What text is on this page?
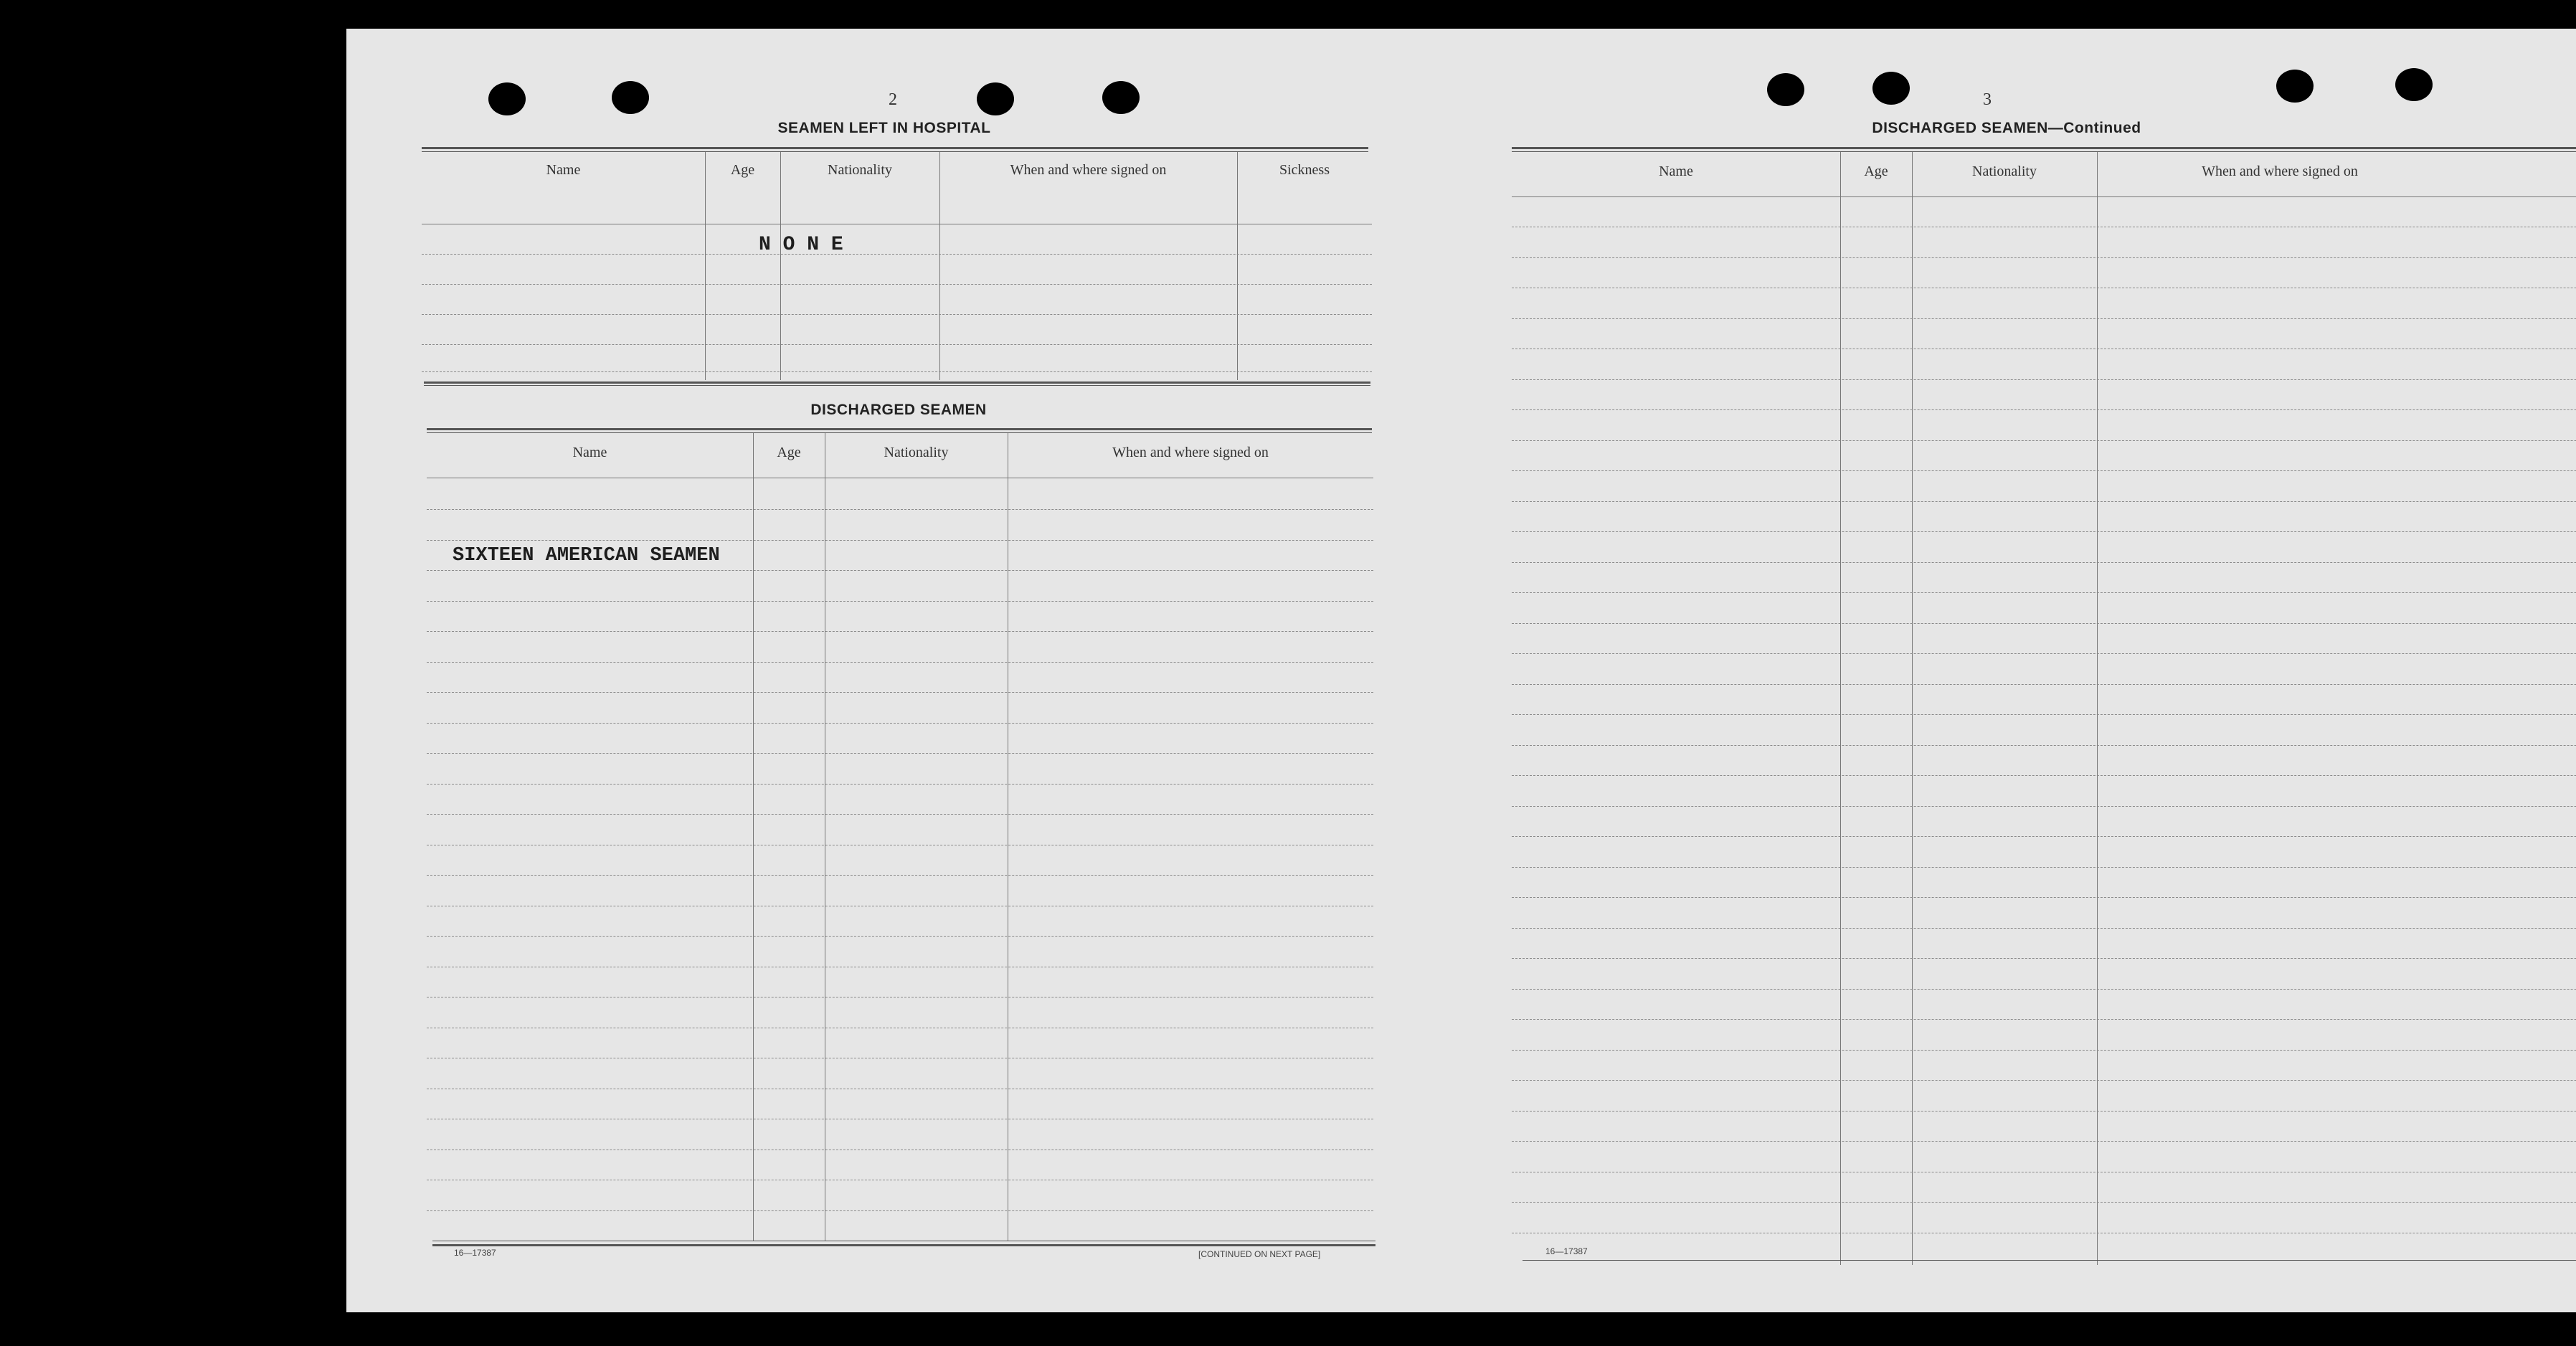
2
SEAMEN LEFT IN HOSPITAL
Name	Age	Nationality	When and where signed on	Sickness
N O N E
DISCHARGED SEAMEN
Name	Age	Nationality	When and where signed on
SIXTEEN AMERICAN SEAMEN
16—17387	[CONTINUED ON NEXT PAGE]
3
DISCHARGED SEAMEN—Continued
Name	Age	Nationality	When and where signed on
16—17387
